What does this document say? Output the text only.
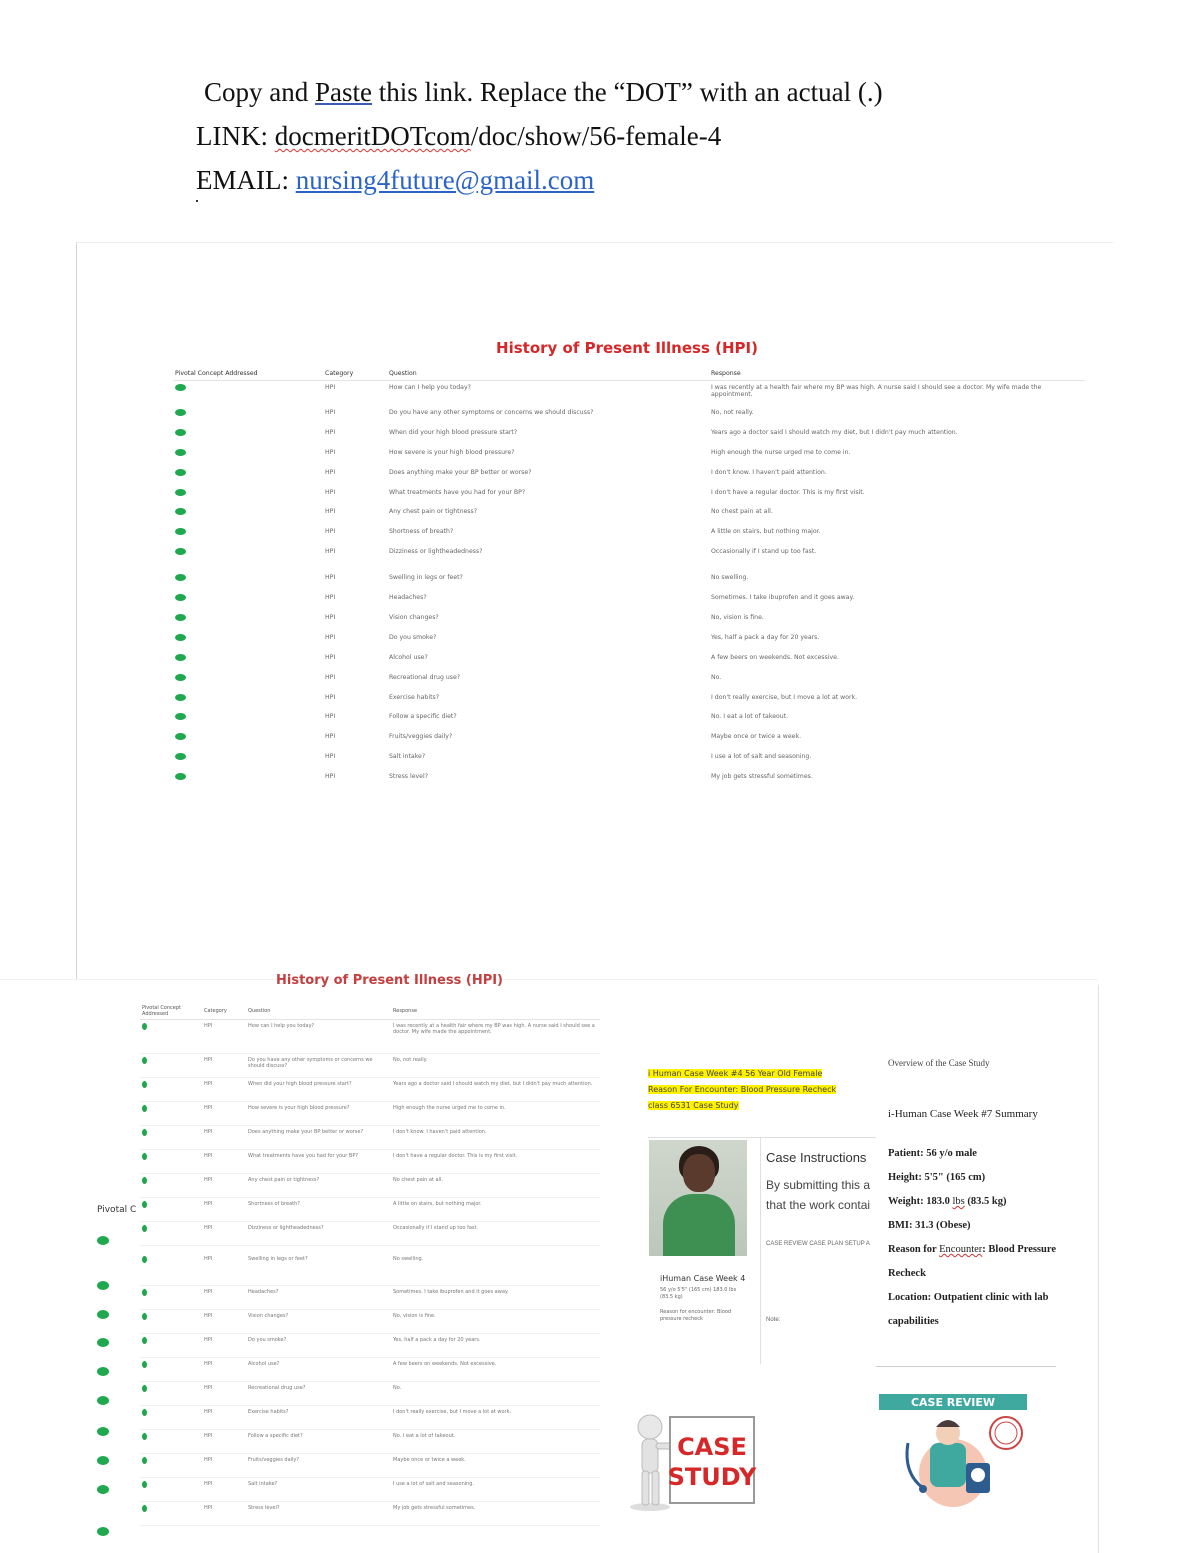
Copy and Paste this link. Replace the “DOT” with an actual (.)
LINK: docmeritDOTcom/doc/show/56-female-4
EMAIL: nursing4future@gmail.com
History of Present Illness (HPI)
Pivotal Concept Addressed	Category	Question	Response
	HPI	How can I help you today?	I was recently at a health fair where my BP was high. A nurse said I should see a doctor. My wife made the appointment.
	HPI	Do you have any other symptoms or concerns we should discuss?	No, not really.
	HPI	When did your high blood pressure start?	Years ago a doctor said I should watch my diet, but I didn't pay much attention.
	HPI	How severe is your high blood pressure?	High enough the nurse urged me to come in.
	HPI	Does anything make your BP better or worse?	I don't know. I haven't paid attention.
	HPI	What treatments have you had for your BP?	I don't have a regular doctor. This is my first visit.
	HPI	Any chest pain or tightness?	No chest pain at all.
	HPI	Shortness of breath?	A little on stairs, but nothing major.
	HPI	Dizziness or lightheadedness?	Occasionally if I stand up too fast.
	HPI	Swelling in legs or feet?	No swelling.
	HPI	Headaches?	Sometimes. I take ibuprofen and it goes away.
	HPI	Vision changes?	No, vision is fine.
	HPI	Do you smoke?	Yes, half a pack a day for 20 years.
	HPI	Alcohol use?	A few beers on weekends. Not excessive.
	HPI	Recreational drug use?	No.
	HPI	Exercise habits?	I don't really exercise, but I move a lot at work.
	HPI	Follow a specific diet?	No. I eat a lot of takeout.
	HPI	Fruits/veggies daily?	Maybe once or twice a week.
	HPI	Salt intake?	I use a lot of salt and seasoning.
	HPI	Stress level?	My job gets stressful sometimes.
History of Present Illness (HPI)
Pivotal Concept Addressed	Category	Question	Response
	HPI	How can I help you today?	I was recently at a health fair where my BP was high. A nurse said I should see a doctor. My wife made the appointment.
	HPI	Do you have any other symptoms or concerns we should discuss?	No, not really.
	HPI	When did your high blood pressure start?	Years ago a doctor said I should watch my diet, but I didn't pay much attention.
	HPI	How severe is your high blood pressure?	High enough the nurse urged me to come in.
	HPI	Does anything make your BP better or worse?	I don't know. I haven't paid attention.
	HPI	What treatments have you had for your BP?	I don't have a regular doctor. This is my first visit.
	HPI	Any chest pain or tightness?	No chest pain at all.
	HPI	Shortness of breath?	A little on stairs, but nothing major.
	HPI	Dizziness or lightheadedness?	Occasionally if I stand up too fast.
	HPI	Swelling in legs or feet?	No swelling.
	HPI	Headaches?	Sometimes. I take ibuprofen and it goes away.
	HPI	Vision changes?	No, vision is fine.
	HPI	Do you smoke?	Yes, half a pack a day for 20 years.
	HPI	Alcohol use?	A few beers on weekends. Not excessive.
	HPI	Recreational drug use?	No.
	HPI	Exercise habits?	I don't really exercise, but I move a lot at work.
	HPI	Follow a specific diet?	No. I eat a lot of takeout.
	HPI	Fruits/veggies daily?	Maybe once or twice a week.
	HPI	Salt intake?	I use a lot of salt and seasoning.
	HPI	Stress level?	My job gets stressful sometimes.
Pivotal C
i Human Case Week #4 56 Year Old Female Reason For Encounter: Blood Pressure Recheck class 6531 Case Study
iHuman Case Week 4
56 y/o 5'5" (165 cm) 183.0 lbs (83.5 kg)
Reason for encounter: Blood pressure recheck
Case Instructions
By submitting this a
that the work contai
CASE REVIEW CASE PLAN SETUP A
Note:
Overview of the Case Study
i-Human Case Week #7 Summary
Patient: 56 y/o male
Height: 5'5" (165 cm)
Weight: 183.0 lbs (83.5 kg)
BMI: 31.3 (Obese)
Reason for Encounter: Blood Pressure Recheck
Location: Outpatient clinic with lab capabilities
CASE
STUDY
CASE REVIEW
